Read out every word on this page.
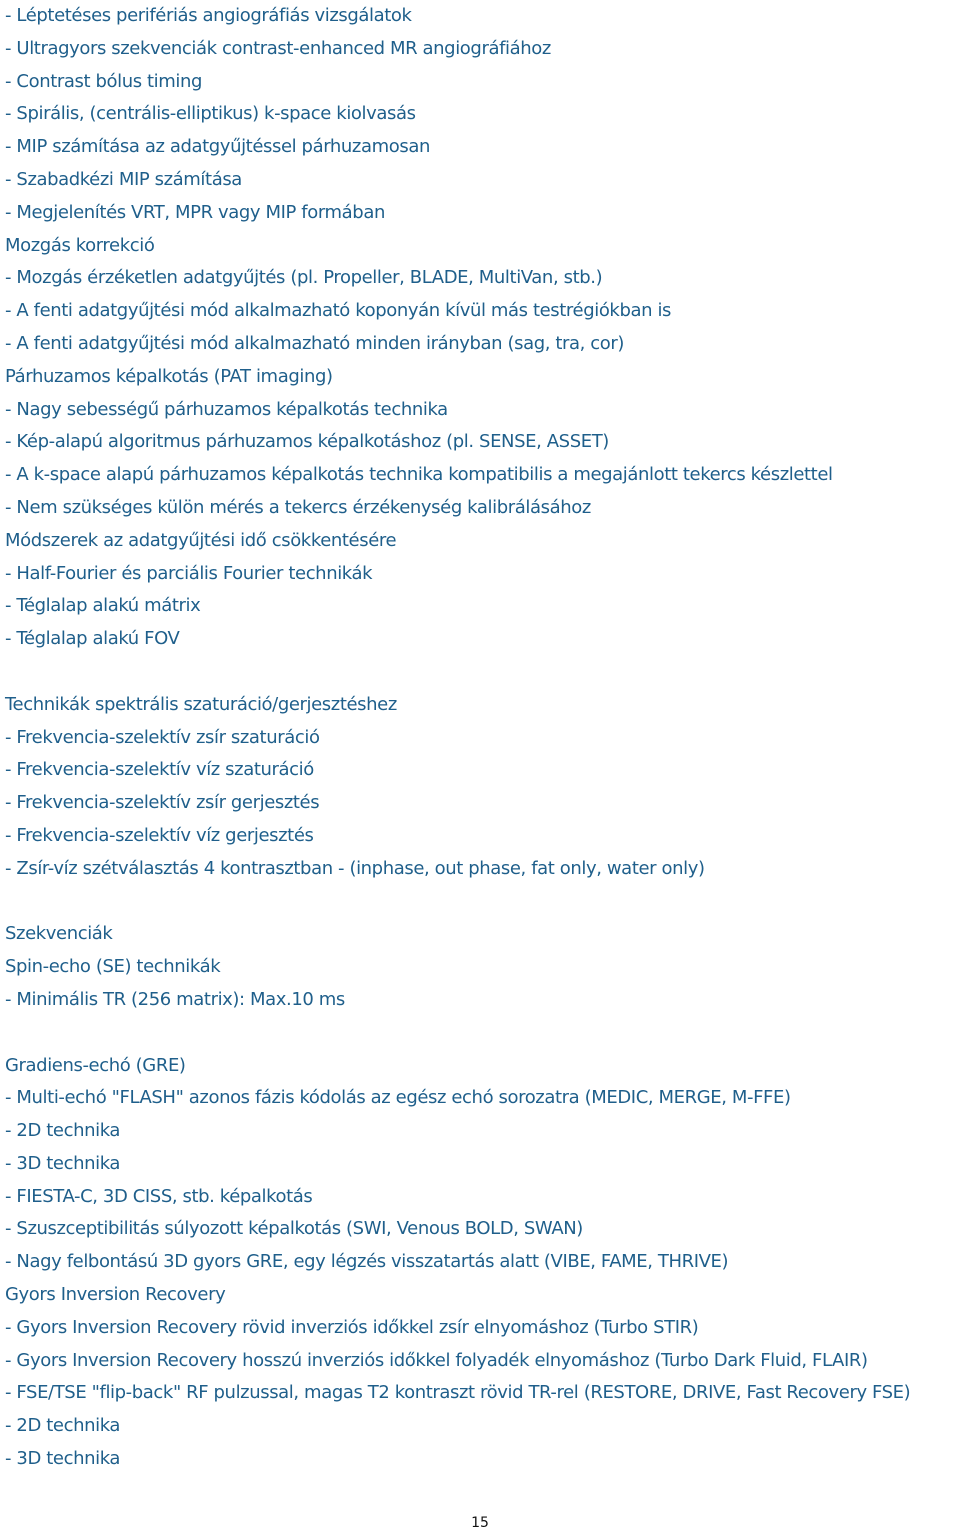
- Léptetéses perifériás angiográfiás vizsgálatok
- Ultragyors szekvenciák contrast-enhanced MR angiográfiához
- Contrast bólus timing
- Spirális, (centrális-elliptikus) k-space kiolvasás
- MIP számítása az adatgyűjtéssel párhuzamosan
- Szabadkézi MIP számítása
- Megjelenítés VRT, MPR vagy MIP formában
Mozgás korrekció
- Mozgás érzéketlen adatgyűjtés (pl. Propeller, BLADE, MultiVan, stb.)
- A fenti adatgyűjtési mód alkalmazható koponyán kívül más testrégiókban is
- A fenti adatgyűjtési mód alkalmazható minden irányban (sag, tra, cor)
Párhuzamos képalkotás (PAT imaging)
- Nagy sebességű párhuzamos képalkotás technika
- Kép-alapú algoritmus párhuzamos képalkotáshoz (pl. SENSE, ASSET)
- A k-space alapú párhuzamos képalkotás technika kompatibilis a megajánlott tekercs készlettel
- Nem szükséges külön mérés a tekercs érzékenység kalibrálásához
Módszerek az adatgyűjtési idő csökkentésére
- Half-Fourier és parciális Fourier technikák
- Téglalap alakú mátrix
- Téglalap alakú FOV
Technikák spektrális szaturáció/gerjesztéshez
- Frekvencia-szelektív zsír szaturáció
- Frekvencia-szelektív víz szaturáció
- Frekvencia-szelektív zsír gerjesztés
- Frekvencia-szelektív víz gerjesztés
- Zsír-víz szétválasztás 4 kontrasztban - (inphase, out phase, fat only, water only)
Szekvenciák
Spin-echo (SE) technikák
- Minimális TR (256 matrix): Max.10 ms
Gradiens-echó (GRE)
- Multi-echó "FLASH" azonos fázis kódolás az egész echó sorozatra (MEDIC, MERGE, M-FFE)
- 2D technika
- 3D technika
- FIESTA-C, 3D CISS, stb. képalkotás
- Szuszceptibilitás súlyozott képalkotás (SWI, Venous BOLD, SWAN)
- Nagy felbontású 3D gyors GRE, egy légzés visszatartás alatt (VIBE, FAME, THRIVE)
Gyors Inversion Recovery
- Gyors Inversion Recovery rövid inverziós időkkel zsír elnyomáshoz (Turbo STIR)
- Gyors Inversion Recovery hosszú inverziós időkkel folyadék elnyomáshoz (Turbo Dark Fluid, FLAIR)
- FSE/TSE "flip-back" RF pulzussal, magas T2 kontraszt rövid TR-rel (RESTORE, DRIVE, Fast Recovery FSE)
- 2D technika
- 3D technika
15
